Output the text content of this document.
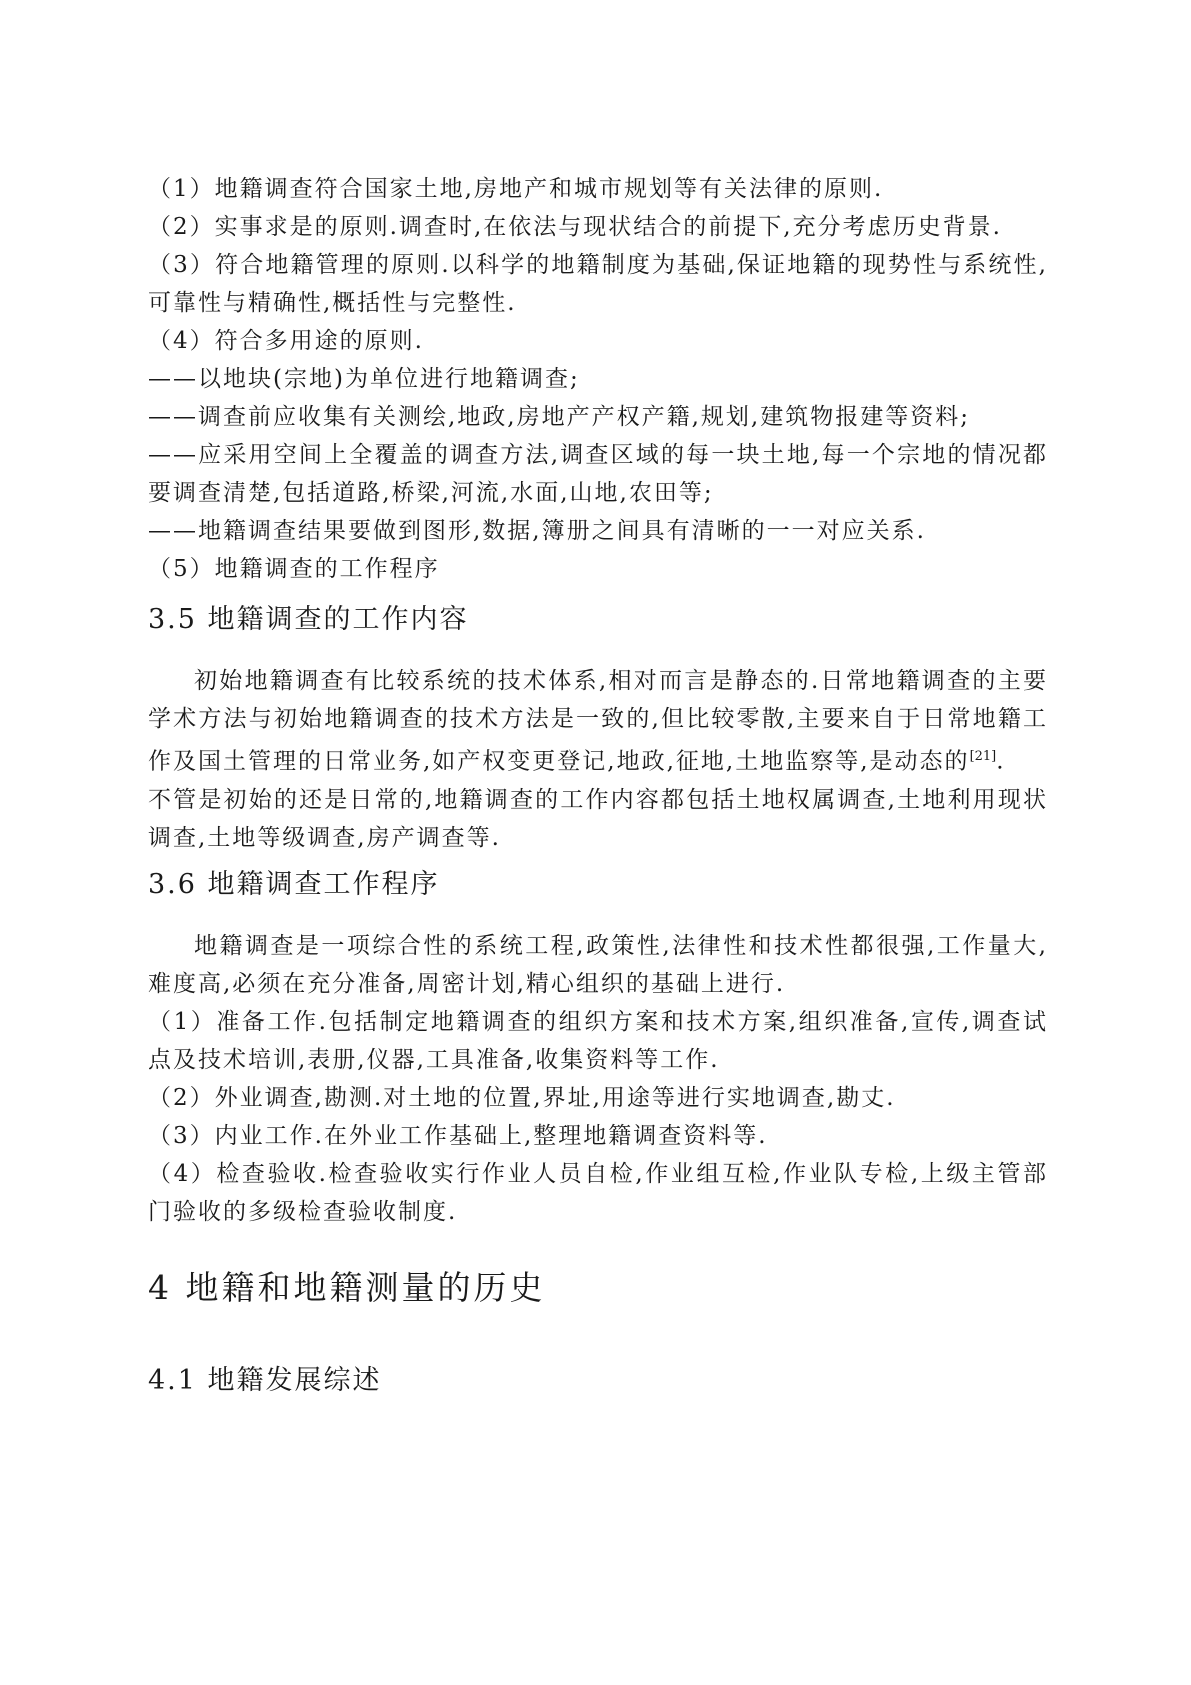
（1）地籍调查符合国家土地,房地产和城市规划等有关法律的原则.
（2）实事求是的原则.调查时,在依法与现状结合的前提下,充分考虑历史背景.
（3）符合地籍管理的原则.以科学的地籍制度为基础,保证地籍的现势性与系统性,可靠性与精确性,概括性与完整性.
（4）符合多用途的原则.
——以地块(宗地)为单位进行地籍调查;
——调查前应收集有关测绘,地政,房地产产权产籍,规划,建筑物报建等资料;
——应采用空间上全覆盖的调查方法,调查区域的每一块土地,每一个宗地的情况都要调查清楚,包括道路,桥梁,河流,水面,山地,农田等;
——地籍调查结果要做到图形,数据,簿册之间具有清晰的一一对应关系.
（5）地籍调查的工作程序
3.5 地籍调查的工作内容

初始地籍调查有比较系统的技术体系,相对而言是静态的.日常地籍调查的主要学术方法与初始地籍调查的技术方法是一致的,但比较零散,主要来自于日常地籍工作及国土管理的日常业务,如产权变更登记,地政,征地,土地监察等,是动态的[21].

不管是初始的还是日常的,地籍调查的工作内容都包括土地权属调查,土地利用现状调查,土地等级调查,房产调查等.

3.6 地籍调查工作程序

地籍调查是一项综合性的系统工程,政策性,法律性和技术性都很强,工作量大,难度高,必须在充分准备,周密计划,精心组织的基础上进行.

（1）准备工作.包括制定地籍调查的组织方案和技术方案,组织准备,宣传,调查试点及技术培训,表册,仪器,工具准备,收集资料等工作.

（2）外业调查,勘测.对土地的位置,界址,用途等进行实地调查,勘丈.

（3）内业工作.在外业工作基础上,整理地籍调查资料等.

（4）检查验收.检查验收实行作业人员自检,作业组互检,作业队专检,上级主管部门验收的多级检查验收制度.

4 地籍和地籍测量的历史
4.1 地籍发展综述
